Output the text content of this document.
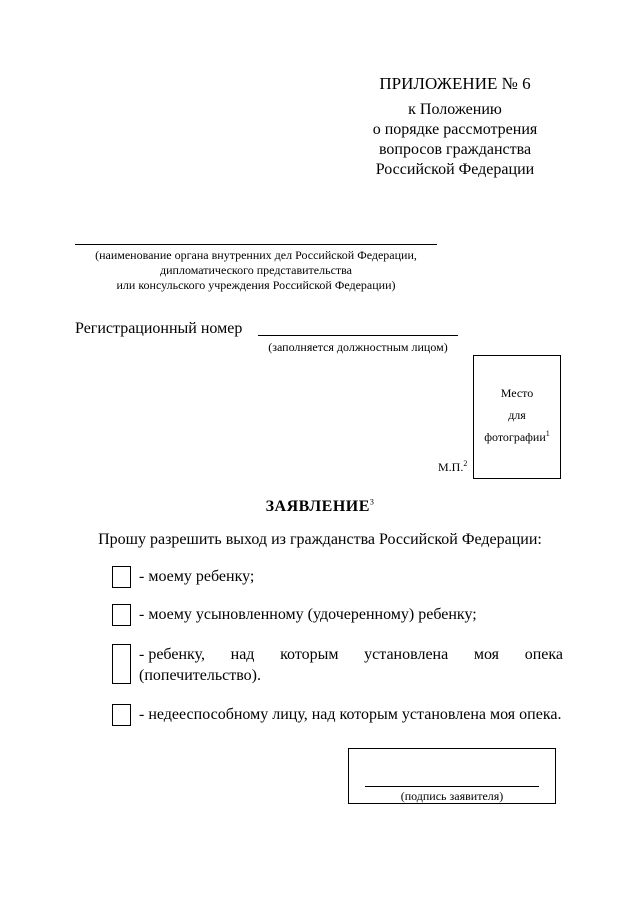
ПРИЛОЖЕНИЕ № 6
к Положению
о порядке рассмотрения
вопросов гражданства
Российской Федерации
(наименование органа внутренних дел Российской Федерации,
дипломатического представительства
или консульского учреждения Российской Федерации)
Регистрационный номер
(заполняется должностным лицом)
Место
для
фотографии$^1$
М.П.$^2$
ЗАЯВЛЕНИЕ$^3$
Прошу разрешить выход из гражданства Российской Федерации:
- моему ребенку;
- моему усыновленному (удочеренному) ребенку;
- ребенку, над которым установлена моя опека
(попечительство).
- недееспособному лицу, над которым установлена моя опека.
(подпись заявителя)
